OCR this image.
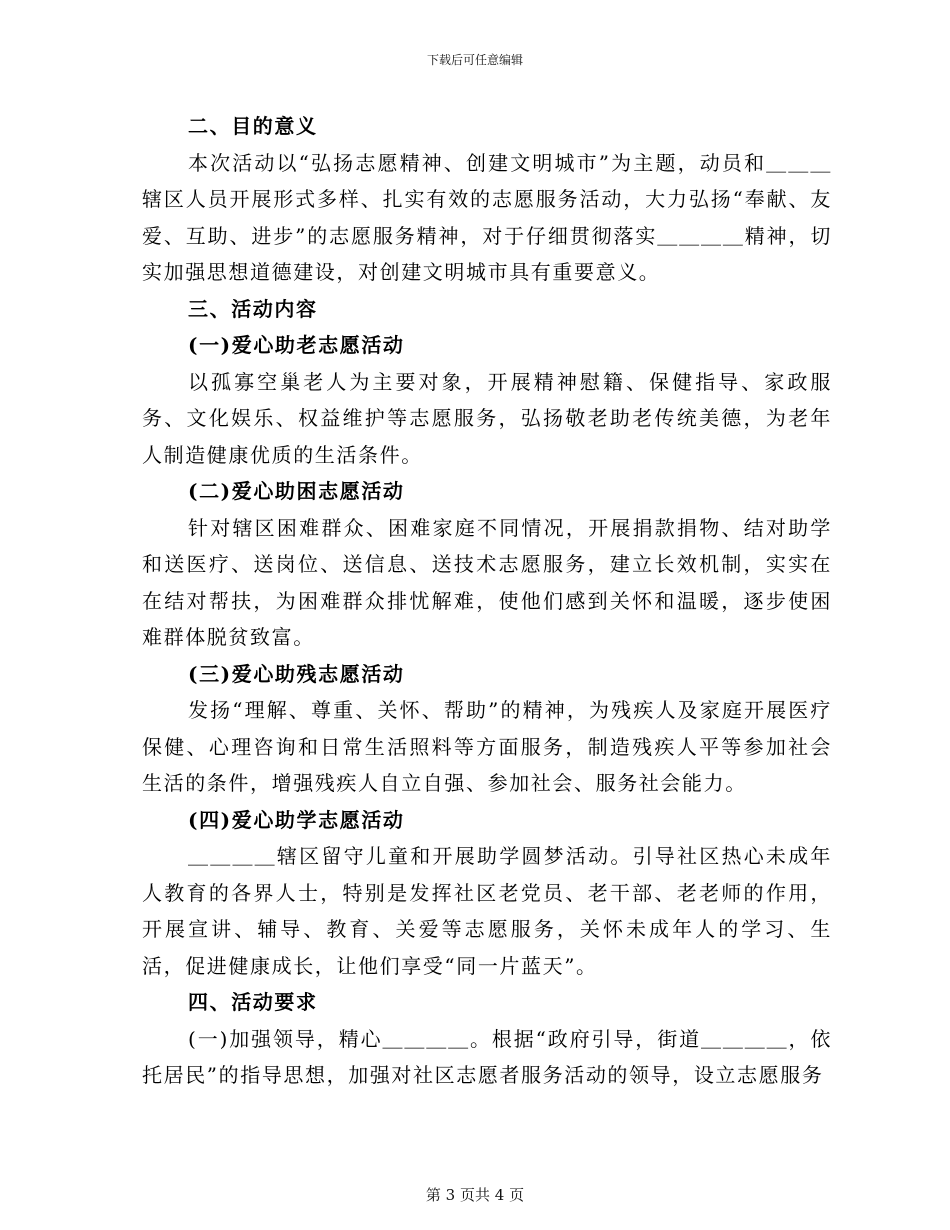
下载后可任意编辑

二、目的意义

本次活动以“弘扬志愿精神、创建文明城市”为主题，动员和＿＿＿辖区人员开展形式多样、扎实有效的志愿服务活动，大力弘扬“奉献、友爱、互助、进步”的志愿服务精神，对于仔细贯彻落实＿＿＿＿精神，切实加强思想道德建设，对创建文明城市具有重要意义。

三、活动内容

(一)爱心助老志愿活动

以孤寡空巢老人为主要对象，开展精神慰籍、保健指导、家政服务、文化娱乐、权益维护等志愿服务，弘扬敬老助老传统美德，为老年人制造健康优质的生活条件。

(二)爱心助困志愿活动

针对辖区困难群众、困难家庭不同情况，开展捐款捐物、结对助学和送医疗、送岗位、送信息、送技术志愿服务，建立长效机制，实实在在结对帮扶，为困难群众排忧解难，使他们感到关怀和温暖，逐步使困难群体脱贫致富。

(三)爱心助残志愿活动

发扬“理解、尊重、关怀、帮助”的精神，为残疾人及家庭开展医疗保健、心理咨询和日常生活照料等方面服务，制造残疾人平等参加社会生活的条件，增强残疾人自立自强、参加社会、服务社会能力。

(四)爱心助学志愿活动

＿＿＿＿辖区留守儿童和开展助学圆梦活动。引导社区热心未成年人教育的各界人士，特别是发挥社区老党员、老干部、老老师的作用，开展宣讲、辅导、教育、关爱等志愿服务，关怀未成年人的学习、生活，促进健康成长，让他们享受“同一片蓝天”。

四、活动要求

(一)加强领导，精心＿＿＿＿。根据“政府引导，街道＿＿＿＿，依托居民”的指导思想，加强对社区志愿者服务活动的领导，设立志愿服务

第 3 页共 4 页
